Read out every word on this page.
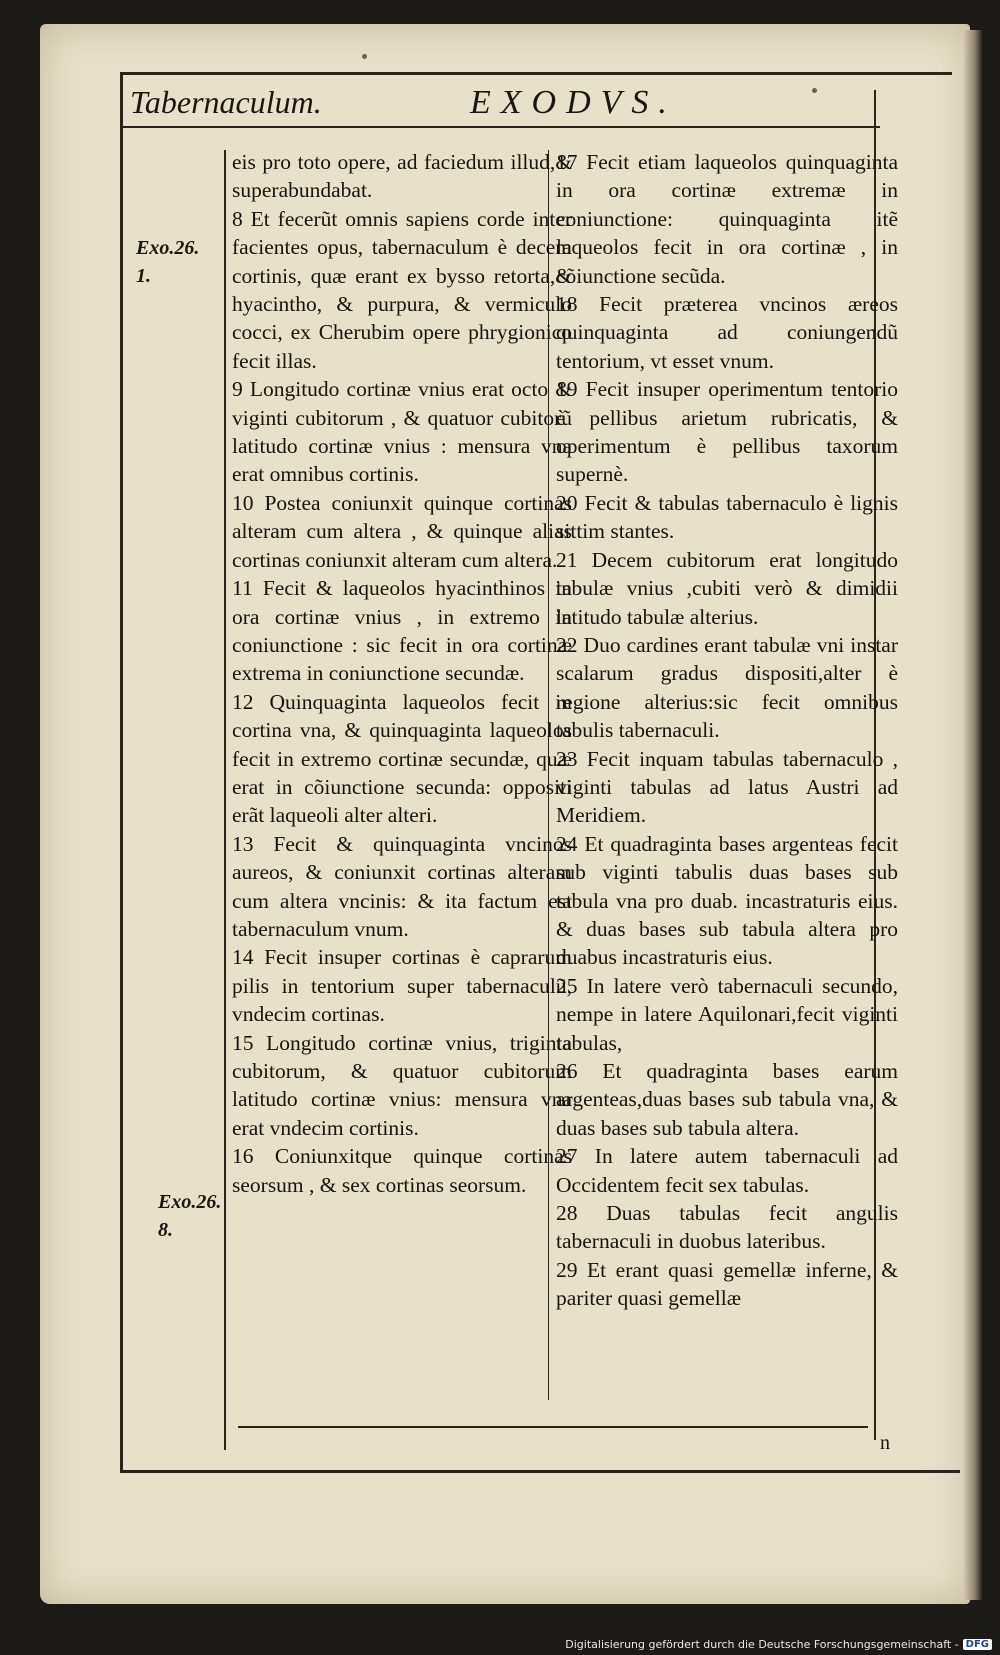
Tabernaculum.	EXODVS.
Exo.26.
1.
Exo.26.
8.

eis pro toto opere, ad faciedum illud,& superabundabat.

8 Et fecerũt omnis sapiens corde inter facientes opus, tabernaculum è decem cortinis, quæ erant ex bysso retorta,& hyacintho, & purpura, & vermiculo cocci, ex Cherubim opere phrygionico fecit illas.

9 Longitudo cortinæ vnius erat octo & viginti cubitorum , & quatuor cubitorũ latitudo cortinæ vnius : mensura vna erat omnibus cortinis.

10 Postea coniunxit quinque cortinas alteram cum altera , & quinque alias cortinas coniunxit alteram cum altera.

11 Fecit & laqueolos hyacinthinos in ora cortinæ vnius , in extremo in coniunctione : sic fecit in ora cortinæ extrema in coniunctione secundæ.

12 Quinquaginta laqueolos fecit in cortina vna, & quinquaginta laqueolos fecit in extremo cortinæ secundæ, quæ erat in cõiunctione secunda: oppositi erãt laqueoli alter alteri.

13 Fecit & quinquaginta vncinos aureos, & coniunxit cortinas alteram cum altera vncinis: & ita factum est tabernaculum vnum.

14 Fecit insuper cortinas è caprarum pilis in tentorium super tabernaculũ, vndecim cortinas.

15 Longitudo cortinæ vnius, triginta cubitorum, & quatuor cubitorum latitudo cortinæ vnius: mensura vna erat vndecim cortinis.

16 Coniunxitque quinque cortinas seorsum , & sex cortinas seorsum.

17 Fecit etiam laqueolos quinquaginta in ora cortinæ extremæ in coniunctione: quinquaginta itẽ laqueolos fecit in ora cortinæ , in cõiunctione secũda.

18 Fecit præterea vncinos æreos quinquaginta ad coniungendũ tentorium, vt esset vnum.

19 Fecit insuper operimentum tentorio è pellibus arietum rubricatis, & operimentum è pellibus taxorum supernè.

20 Fecit & tabulas tabernaculo è lignis sittim stantes.

21 Decem cubitorum erat longitudo tabulæ vnius ,cubiti verò & dimidii latitudo tabulæ alterius.

22 Duo cardines erant tabulæ vni instar scalarum gradus dispositi,alter è regione alterius:sic fecit omnibus tabulis tabernaculi.

23 Fecit inquam tabulas tabernaculo , viginti tabulas ad latus Austri ad Meridiem.

24 Et quadraginta bases argenteas fecit sub viginti tabulis duas bases sub tabula vna pro duab. incastraturis eius. & duas bases sub tabula altera pro duabus incastraturis eius.

25 In latere verò tabernaculi secundo, nempe in latere Aquilonari,fecit viginti tabulas,

26 Et quadraginta bases earum argenteas,duas bases sub tabula vna, & duas bases sub tabula altera.

27 In latere autem tabernaculi ad Occidentem fecit sex tabulas.

28 Duas tabulas fecit angulis tabernaculi in duobus lateribus.

29 Et erant quasi gemellæ inferne, & pariter quasi gemellæ

n
Digitalisierung gefördert durch die Deutsche Forschungsgemeinschaft - DFG
